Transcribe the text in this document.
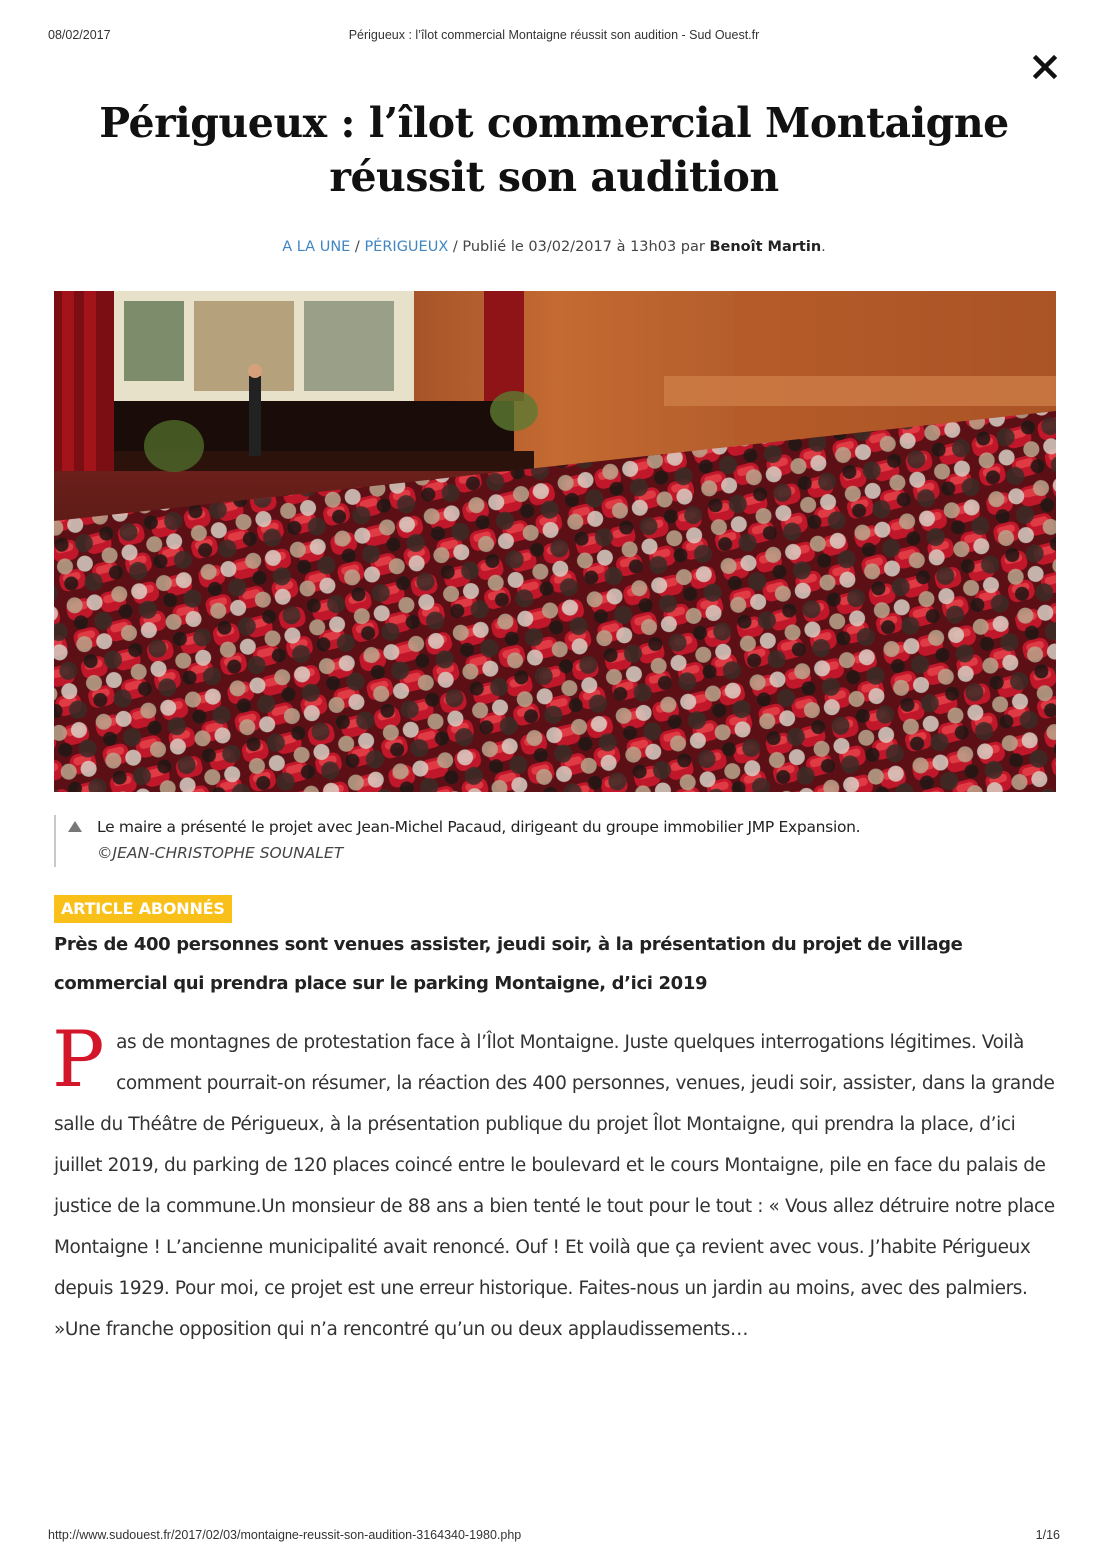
08/02/2017	Périgueux : l’îlot commercial Montaigne réussit son audition - Sud Ouest.fr
Périgueux : l’îlot commercial Montaigne
réussit son audition
A LA UNE / PÉRIGUEUX / Publié le 03/02/2017 à 13h03 par Benoît Martin.
Le maire a présenté le projet avec Jean-Michel Pacaud, dirigeant du groupe immobilier JMP Expansion.
©JEAN-CHRISTOPHE SOUNALET
ARTICLE ABONNÉS

Près de 400 personnes sont venues assister, jeudi soir, à la présentation du projet de village commercial qui prendra place sur le parking Montaigne, d’ici 2019

Pas de montagnes de protestation face à l’Îlot Montaigne. Juste quelques interrogations légitimes. Voilà comment pourrait-on résumer, la réaction des 400 personnes, venues, jeudi soir, assister, dans la grande salle du Théâtre de Périgueux, à la présentation publique du projet Îlot Montaigne, qui prendra la place, d’ici juillet 2019, du parking de 120 places coincé entre le boulevard et le cours Montaigne, pile en face du palais de justice de la commune.Un monsieur de 88 ans a bien tenté le tout pour le tout : « Vous allez détruire notre place Montaigne ! L’ancienne municipalité avait renoncé. Ouf ! Et voilà que ça revient avec vous. J’habite Périgueux depuis 1929. Pour moi, ce projet est une erreur historique. Faites-nous un jardin au moins, avec des palmiers. »Une franche opposition qui n’a rencontré qu’un ou deux applaudissements…

http://www.sudouest.fr/2017/02/03/montaigne-reussit-son-audition-3164340-1980.php	1/16
